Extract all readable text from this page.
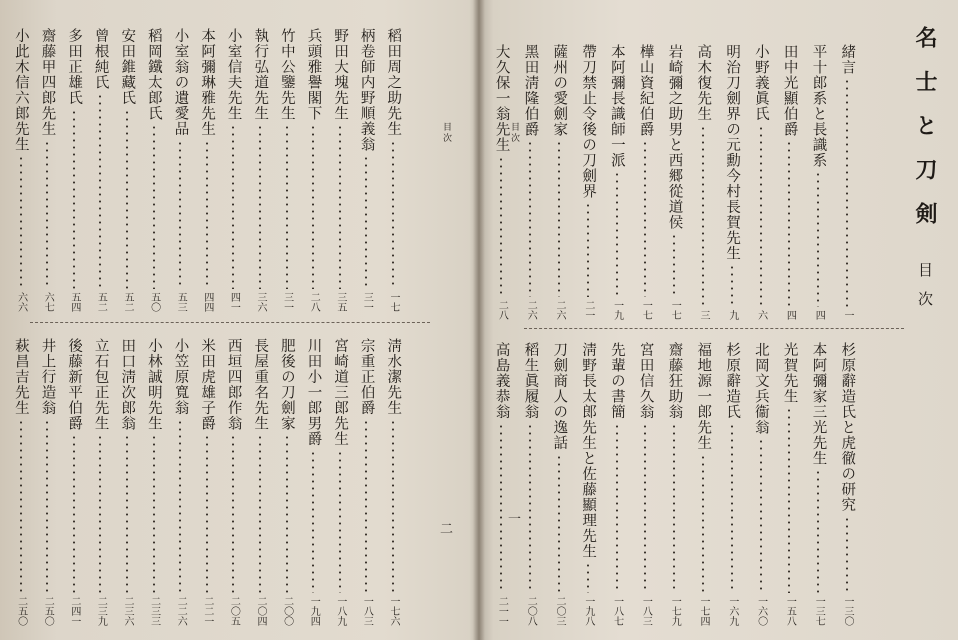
名士と刀剣
目次
目次
一
緒言
一
平十郎系と長識系
四
田中光顯伯爵
四
小野義眞氏
六
明治刀劍界の元勳今村長賀先生
九
高木復先生
三
岩崎彌之助男と西郷從道侯
一七
樺山資紀伯爵
一七
本阿彌長識師一派
一九
帶刀禁止令後の刀劍界
二一
薩州の愛劍家
二六
黑田淸隆伯爵
二六
大久保一翁先生
二八
杉原辭造氏と虎徹の研究
一三〇
本阿彌家三光先生
一三七
光賀先生
一五八
北岡文兵衞翁
一六〇
杉原辭造氏
一六九
福地源一郎先生
一七四
齋藤狂助翁
一七九
宮田信久翁
一八三
先輩の書簡
一八七
淸野長太郎先生と佐藤顯理先生
一九八
刀劍商人の逸話
二〇三
稻生眞履翁
二〇八
高島義恭翁
二一一
目次
二
稻田周之助先生
一七
柄卷師内野順義翁
三一
野田大塊先生
三五
兵頭雅譽閣下
二八
竹中公鑒先生
三一
執行弘道先生
三六
小室信夫先生
四一
本阿彌琳雅先生
四四
小室翁の遺愛品
五三
稻岡鐵太郎氏
五〇
安田錐藏氏
五二
曾根純氏
五二
多田正雄氏
五四
齋藤甲四郎先生
六七
小此木信六郎先生
六六
淸水潔先生
一七六
宗重正伯爵
一八三
宮崎道三郎先生
一八九
川田小一郎男爵
一九四
肥後の刀劍家
二〇〇
長屋重名先生
二〇四
西垣四郎作翁
二〇五
米田虎雄子爵
二二一
小笠原寬翁
二二六
小林誠明先生
二三三
田口淸次郎翁
二三六
立石包正先生
二三九
後藤新平伯爵
二四一
井上行造翁
二五〇
萩昌吉先生
二五〇
